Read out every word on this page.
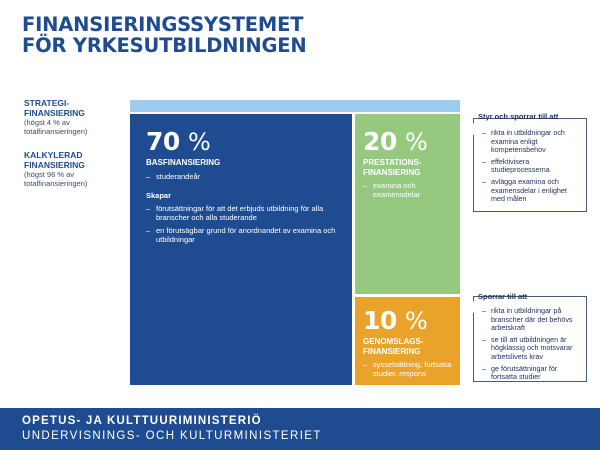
FINANSIERINGSSYSTEMET
FÖR YRKESUTBILDNINGEN
STRATEGI-
FINANSIERING
(högst 4 % av
totalfinansieringen)
KALKYLERAD
FINANSIERING
(högst 96 % av
totalfinansieringen)
70 %
BASFINANSIERING
– studerandeår
Skapar
– förutsättningar för att det erbjuds utbildning för alla branscher och alla studerande
– en förutsägbar grund för anordnandet av examina och utbildningar
20 %
PRESTATIONS-
FINANSIERING
– examina och examensdelar
10 %
GENOMSLAGS-
FINANSIERING
– sysselsättning, fortsatta studier, respons
– rikta in utbildningar och examina enligt kompetensbehov
– effektivisera studieprocesserna
– avlägga examina och examensdelar i enlighet med målen
Styr och sporrar till att
– rikta in utbildningar på branscher där det behövs arbetskraft
– se till att utbildningen är högklassig och motsvarar arbetslivets krav
– ge förutsättningar för fortsatta studier
Sporrar till att
OPETUS- JA KULTTUURIMINISTERIÖ
UNDERVISNINGS- OCH KULTURMINISTERIET
